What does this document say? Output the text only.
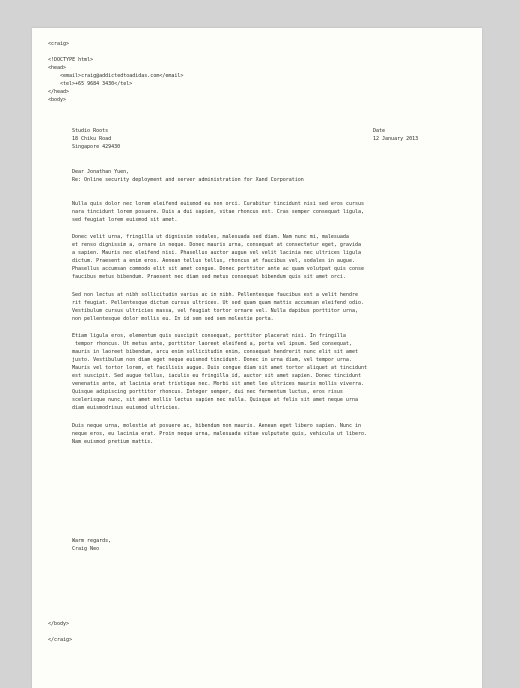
<craig>
<!DOCTYPE html>
<head>
<email>craig@addictedtoadidas.com</email>
<tel>+65 9684 3430</tel>
</head>
<body>
Studio Roots
18 Chiku Road
Singapore 429430
Date
12 January 2013
Dear Jonathan Yuen,
Re: Online security deployment and server administration for Xand Corporation
Nulla quis dolor nec lorem eleifend euismod eu non orci. Curabitur tincidunt nisi sed eros cursus
nara tincidunt lorem posuere. Duis a dui sapien, vitae rhoncus est. Cras semper consequat ligula,
sed feugiat lorem euismod sit amet.
Donec velit urna, fringilla ut dignissim sodales, malesuada sed diam. Nam nunc mi, malesuada
et renso dignissim a, ornare in neque. Donec mauris urna, consequat at consectetur eget, gravida
a sapien. Mauris nec eleifend nisi. Phasellus auctor augue vel velit lacinia nec ultrices ligula
dictum. Praesent a enim eros. Aenean tellus tellus, rhoncus at faucibus vel, sodales in augue.
Phasellus accumsan commodo elit sit amet congue. Donec porttitor ante ac quam volutpat quis conse
faucibus metus bibendum. Praesent nec diam sed metus consequat bibendum quis sit amet orci.
Sed non lectus at nibh sollicitudin varius ac in nibh. Pellentesque faucibus est a velit hendre
rit feugiat. Pellentesque dictum cursus ultrices. Ut sed quam quam mattis accumsan eleifend odio.
Vestibulum cursus ultricies massa, vel feugiat tortor ornare vel. Nulla dapibus porttitor urna,
non pellentesque dolor mollis eu. In id sem sed sem molestie porta.
Etiam ligula eros, elementum quis suscipit consequat, porttitor placerat nisi. In fringilla
tempor rhoncus. Ut metus ante, porttitor laoreet eleifend a, porta vel ipsum. Sed consequat,
mauris in laoreet bibendum, arcu enim sollicitudin enim, consequat hendrerit nunc elit sit amet
justo. Vestibulum non diam eget neque euismod tincidunt. Donec in urna diam, vel tempor urna.
Mauris vel tortor lorem, et facilisis augue. Duis congue diam sit amet tortor aliquet at tincidunt
est suscipit. Sed augue tellus, iaculis eu fringilla id, auctor sit amet sapien. Donec tincidunt
venenatis ante, at lacinia erat tristique nec. Morbi sit amet leo ultrices mauris mollis viverra.
Quisque adipiscing porttitor rhoncus. Integer semper, dui nec fermentum luctus, eros risus
scelerisque nunc, sit amet mollis lectus sapien nec nulla. Quisque at felis sit amet neque urna
diam euismodrisus euismod ultricies.
Duis neque urna, molestie at posuere ac, bibendum non mauris. Aenean eget libero sapien. Nunc in
neque eros, eu lacinia erat. Proin neque urna, malesuada vitae vulputate quis, vehicula ut libero.
Nam euismod pretium mattis.
Warm regards,
Craig Neo
</body>
</craig>
